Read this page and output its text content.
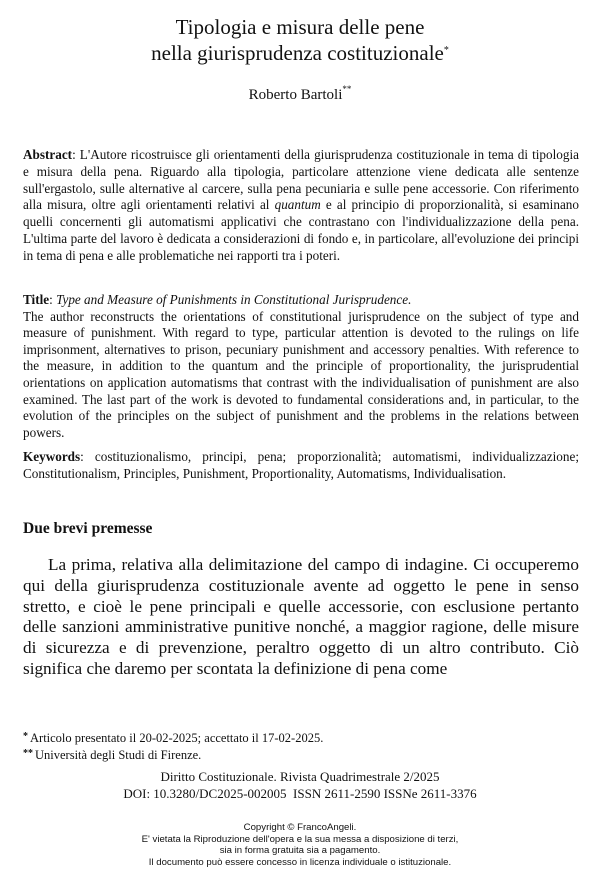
Tipologia e misura delle pene
nella giurisprudenza costituzionale*
Roberto Bartoli**
Abstract: L'Autore ricostruisce gli orientamenti della giurisprudenza costituzionale in tema di tipologia e misura della pena. Riguardo alla tipologia, particolare attenzione viene dedicata alle sentenze sull'ergastolo, sulle alternative al carcere, sulla pena pecuniaria e sulle pene accessorie. Con riferimento alla misura, oltre agli orientamenti relativi al quantum e al principio di proporzionalità, si esaminano quelli concernenti gli automatismi applicativi che contrastano con l'individualizzazione della pena. L'ultima parte del lavoro è dedicata a considerazioni di fondo e, in particolare, all'evoluzione dei principi in tema di pena e alle problematiche nei rapporti tra i poteri.
Title: Type and Measure of Punishments in Constitutional Jurisprudence.
The author reconstructs the orientations of constitutional jurisprudence on the subject of type and measure of punishment. With regard to type, particular attention is devoted to the rulings on life imprisonment, alternatives to prison, pecuniary punishment and accessory penalties. With reference to the measure, in addition to the quantum and the principle of proportionality, the jurisprudential orientations on application automatisms that contrast with the individualisation of punishment are also examined. The last part of the work is devoted to fundamental considerations and, in particular, to the evolution of the principles on the subject of punishment and the problems in the relations between powers.
Keywords: costituzionalismo, principi, pena; proporzionalità; automatismi, individualizzazione; Constitutionalism, Principles, Punishment, Proportionality, Automatisms, Individualisation.
Due brevi premesse
La prima, relativa alla delimitazione del campo di indagine. Ci occuperemo qui della giurisprudenza costituzionale avente ad oggetto le pene in senso stretto, e cioè le pene principali e quelle accessorie, con esclusione pertanto delle sanzioni amministrative punitive nonché, a maggior ragione, delle misure di sicurezza e di prevenzione, peraltro oggetto di un altro contributo. Ciò significa che daremo per scontata la definizione di pena come
* Articolo presentato il 20-02-2025; accettato il 17-02-2025.
** Università degli Studi di Firenze.
Diritto Costituzionale. Rivista Quadrimestrale 2/2025
DOI: 10.3280/DC2025-002005  ISSN 2611-2590 ISSNe 2611-3376
Copyright © FrancoAngeli.
E' vietata la Riproduzione dell'opera e la sua messa a disposizione di terzi,
sia in forma gratuita sia a pagamento.
Il documento può essere concesso in licenza individuale o istituzionale.
